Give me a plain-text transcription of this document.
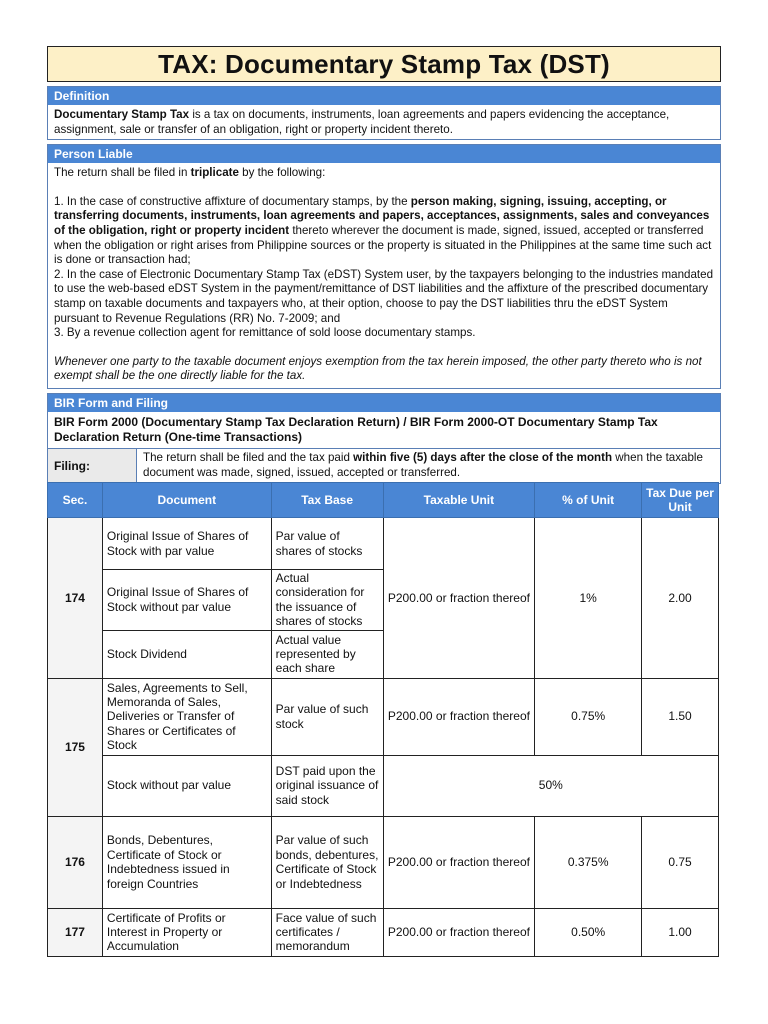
TAX: Documentary Stamp Tax (DST)
Definition

Documentary Stamp Tax is a tax on documents, instruments, loan agreements and papers evidencing the acceptance, assignment, sale or transfer of an obligation, right or property incident thereto.

Person Liable

The return shall be filed in triplicate by the following:

1. In the case of constructive affixture of documentary stamps, by the person making, signing, issuing, accepting, or transferring documents, instruments, loan agreements and papers, acceptances, assignments, sales and conveyances of the obligation, right or property incident thereto wherever the document is made, signed, issued, accepted or transferred when the obligation or right arises from Philippine sources or the property is situated in the Philippines at the same time such act is done or transaction had;

2. In the case of Electronic Documentary Stamp Tax (eDST) System user, by the taxpayers belonging to the industries mandated to use the web-based eDST System in the payment/remittance of DST liabilities and the affixture of the prescribed documentary stamp on taxable documents and taxpayers who, at their option, choose to pay the DST liabilities thru the eDST System pursuant to Revenue Regulations (RR) No. 7-2009; and

3. By a revenue collection agent for remittance of sold loose documentary stamps.

Whenever one party to the taxable document enjoys exemption from the tax herein imposed, the other party thereto who is not exempt shall be the one directly liable for the tax.

BIR Form and Filing
BIR Form 2000 (Documentary Stamp Tax Declaration Return) / BIR Form 2000-OT Documentary Stamp Tax Declaration Return (One-time Transactions)
Filing:
The return shall be filed and the tax paid within five (5) days after the close of the month when the taxable document was made, signed, issued, accepted or transferred.
Sec.	Document	Tax Base	Taxable Unit	% of Unit	Tax Due per Unit
174	Original Issue of Shares of Stock with par value	Par value of shares of stocks	P200.00 or fraction thereof	1%	2.00
	Original Issue of Shares of Stock without par value	Actual consideration for the issuance of shares of stocks			
	Stock Dividend	Actual value represented by each share			
175	Sales, Agreements to Sell, Memoranda of Sales, Deliveries or Transfer of Shares or Certificates of Stock	Par value of such stock	P200.00 or fraction thereof	0.75%	1.50
	Stock without par value	DST paid upon the original issuance of said stock	50%		
176	Bonds, Debentures, Certificate of Stock or Indebtedness issued in foreign Countries	Par value of such bonds, debentures, Certificate of Stock or Indebtedness	P200.00 or fraction thereof	0.375%	0.75
177	Certificate of Profits or Interest in Property or Accumulation	Face value of such certificates / memorandum	P200.00 or fraction thereof	0.50%	1.00
